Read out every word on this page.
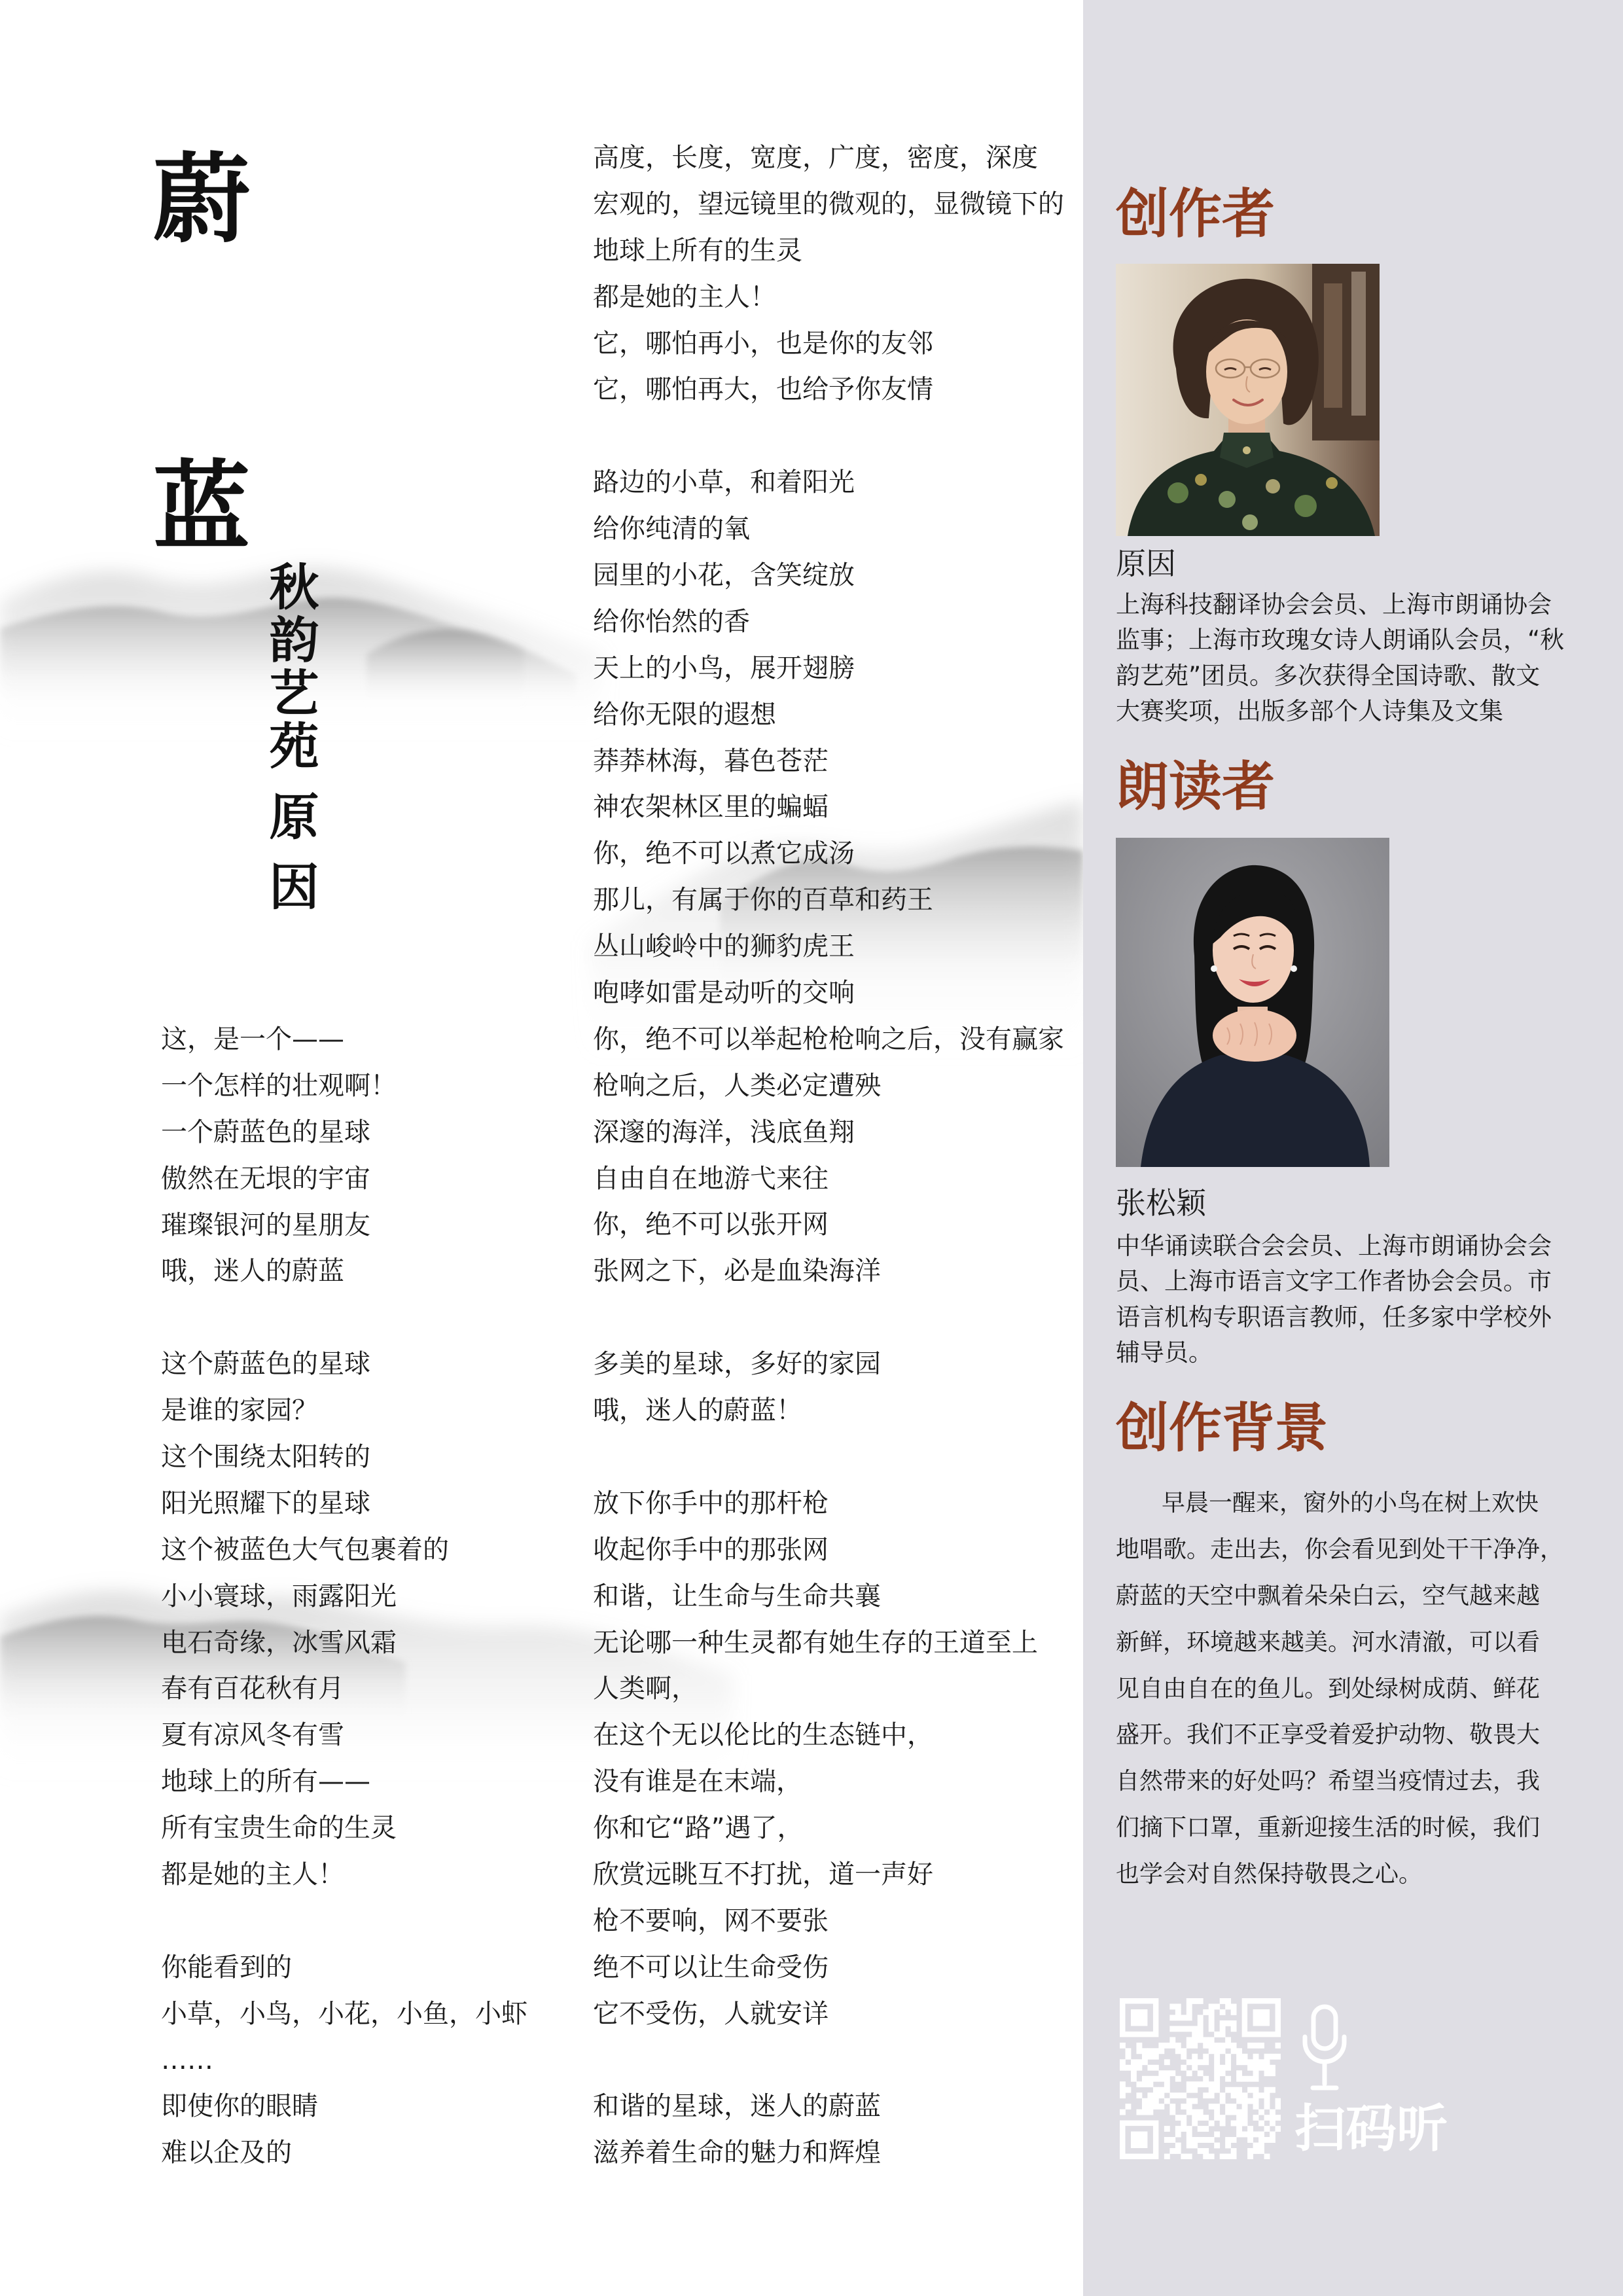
蔚
蓝
秋韵艺苑
原因
这，是一个——
一个怎样的壮观啊！
一个蔚蓝色的星球
傲然在无垠的宇宙
璀璨银河的星朋友
哦，迷人的蔚蓝
这个蔚蓝色的星球
是谁的家园？
这个围绕太阳转的
阳光照耀下的星球
这个被蓝色大气包裹着的
小小寰球，雨露阳光
电石奇缘，冰雪风霜
春有百花秋有月
夏有凉风冬有雪
地球上的所有——
所有宝贵生命的生灵
都是她的主人！
你能看到的
小草，小鸟，小花，小鱼，小虾
……
即使你的眼睛
难以企及的
高度，长度，宽度，广度，密度，深度
宏观的，望远镜里的微观的，显微镜下的
地球上所有的生灵
都是她的主人！
它，哪怕再小，也是你的友邻
它，哪怕再大，也给予你友情
路边的小草，和着阳光
给你纯清的氧
园里的小花，含笑绽放
给你怡然的香
天上的小鸟，展开翅膀
给你无限的遐想
莽莽林海，暮色苍茫
神农架林区里的蝙蝠
你，绝不可以煮它成汤
那儿，有属于你的百草和药王
丛山峻岭中的狮豹虎王
咆哮如雷是动听的交响
你，绝不可以举起枪枪响之后，没有赢家
枪响之后，人类必定遭殃
深邃的海洋，浅底鱼翔
自由自在地游弋来往
你，绝不可以张开网
张网之下，必是血染海洋
多美的星球，多好的家园
哦，迷人的蔚蓝！
放下你手中的那杆枪
收起你手中的那张网
和谐，让生命与生命共襄
无论哪一种生灵都有她生存的王道至上
人类啊，
在这个无以伦比的生态链中，
没有谁是在末端，
你和它“路”遇了，
欣赏远眺互不打扰，道一声好
枪不要响，网不要张
绝不可以让生命受伤
它不受伤，人就安详
和谐的星球，迷人的蔚蓝
滋养着生命的魅力和辉煌
创作者
原因
上海科技翻译协会会员、上海市朗诵协会
监事；上海市玫瑰女诗人朗诵队会员，“秋
韵艺苑”团员。多次获得全国诗歌、散文
大赛奖项，出版多部个人诗集及文集
朗读者
张松颖
中华诵读联合会会员、上海市朗诵协会会
员、上海市语言文字工作者协会会员。市
语言机构专职语言教师，任多家中学校外
辅导员。
创作背景
早晨一醒来，窗外的小鸟在树上欢快
地唱歌。走出去，你会看见到处干干净净，
蔚蓝的天空中飘着朵朵白云，空气越来越
新鲜，环境越来越美。河水清澈，可以看
见自由自在的鱼儿。到处绿树成荫、鲜花
盛开。我们不正享受着爱护动物、敬畏大
自然带来的好处吗？希望当疫情过去，我
们摘下口罩，重新迎接生活的时候，我们
也学会对自然保持敬畏之心。
扫码听
